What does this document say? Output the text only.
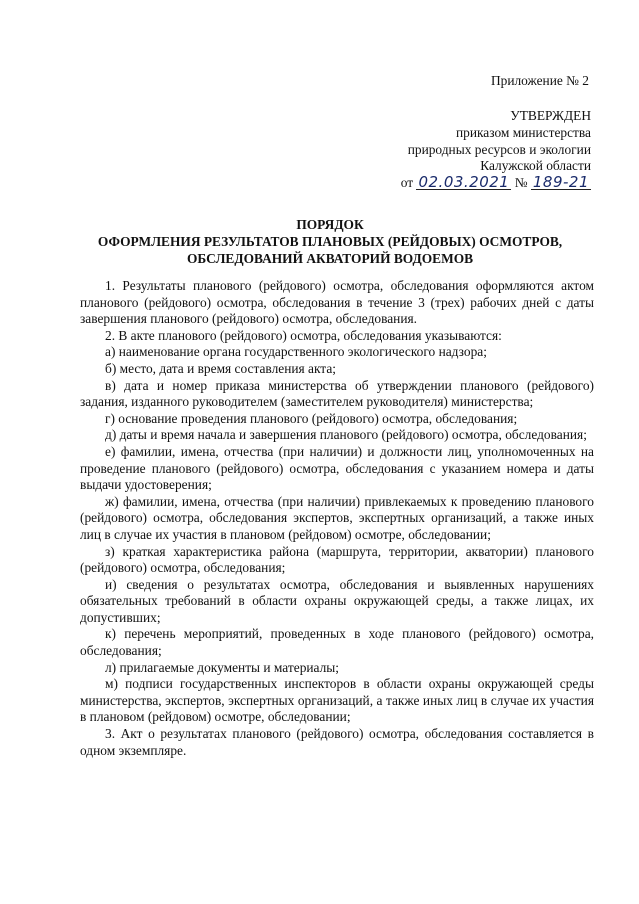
Приложение № 2
УТВЕРЖДЕН
приказом министерства
природных ресурсов и экологии
Калужской области
от 02.03.2021 № 189-21
ПОРЯДОК
ОФОРМЛЕНИЯ РЕЗУЛЬТАТОВ ПЛАНОВЫХ (РЕЙДОВЫХ) ОСМОТРОВ,
ОБСЛЕДОВАНИЙ АКВАТОРИЙ ВОДОЕМОВ

1. Результаты планового (рейдового) осмотра, обследования оформляются актом планового (рейдового) осмотра, обследования в течение 3 (трех) рабочих дней с даты завершения планового (рейдового) осмотра, обследования.

2. В акте планового (рейдового) осмотра, обследования указываются:

а) наименование органа государственного экологического надзора;

б) место, дата и время составления акта;

в) дата и номер приказа министерства об утверждении планового (рейдового) задания, изданного руководителем (заместителем руководителя) министерства;

г) основание проведения планового (рейдового) осмотра, обследования;

д) даты и время начала и завершения планового (рейдового) осмотра, обследования;

е) фамилии, имена, отчества (при наличии) и должности лиц, уполномоченных на проведение планового (рейдового) осмотра, обследования с указанием номера и даты выдачи удостоверения;

ж) фамилии, имена, отчества (при наличии) привлекаемых к проведению планового (рейдового) осмотра, обследования экспертов, экспертных организаций, а также иных лиц в случае их участия в плановом (рейдовом) осмотре, обследовании;

з) краткая характеристика района (маршрута, территории, акватории) планового (рейдового) осмотра, обследования;

и) сведения о результатах осмотра, обследования и выявленных нарушениях обязательных требований в области охраны окружающей среды, а также лицах, их допустивших;

к) перечень мероприятий, проведенных в ходе планового (рейдового) осмотра, обследования;

л) прилагаемые документы и материалы;

м) подписи государственных инспекторов в области охраны окружающей среды министерства, экспертов, экспертных организаций, а также иных лиц в случае их участия в плановом (рейдовом) осмотре, обследовании;

3. Акт о результатах планового (рейдового) осмотра, обследования составляется в одном экземпляре.
